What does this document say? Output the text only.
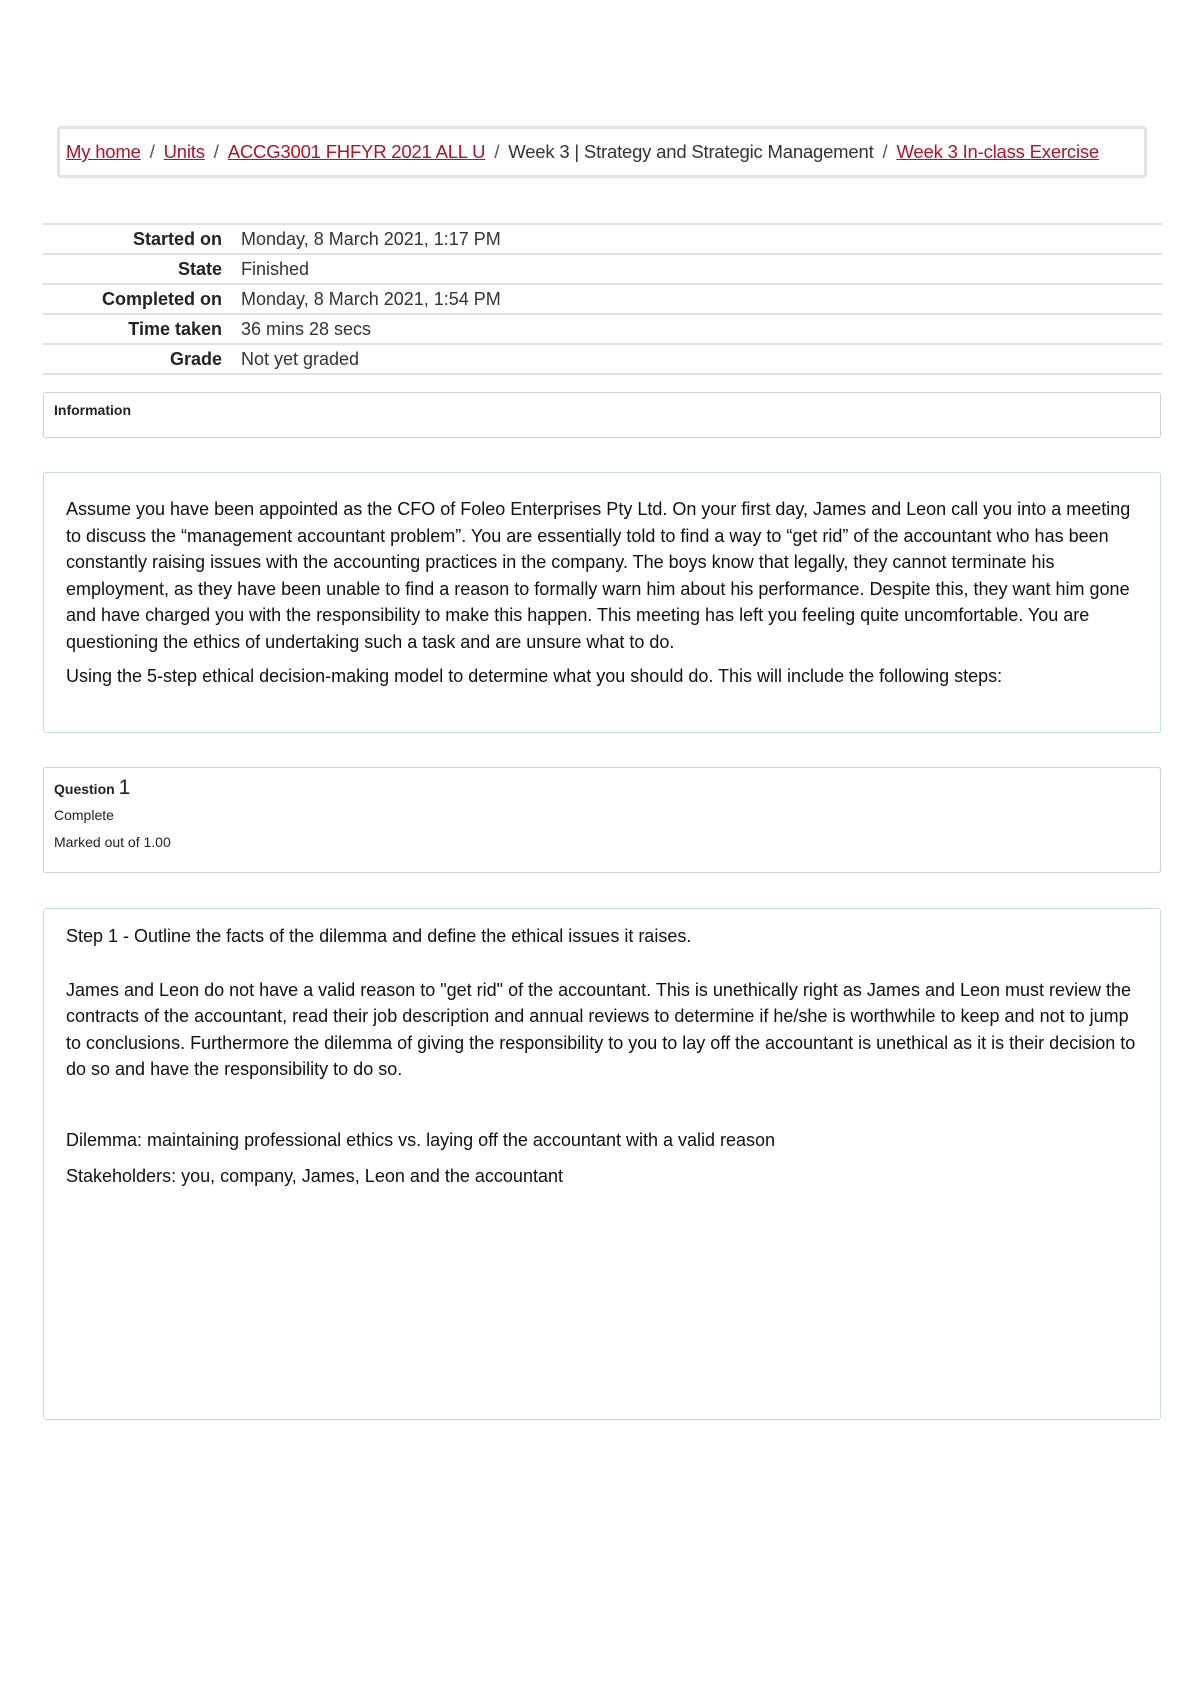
My home / Units / ACCG3001 FHFYR 2021 ALL U / Week 3 | Strategy and Strategic Management / Week 3 In-class Exercise
Started on	Monday, 8 March 2021, 1:17 PM
State	Finished
Completed on	Monday, 8 March 2021, 1:54 PM
Time taken	36 mins 28 secs
Grade	Not yet graded
Information

Assume you have been appointed as the CFO of Foleo Enterprises Pty Ltd. On your first day, James and Leon call you into a meeting to discuss the “management accountant problem”. You are essentially told to find a way to “get rid” of the accountant who has been constantly raising issues with the accounting practices in the company. The boys know that legally, they cannot terminate his employment, as they have been unable to find a reason to formally warn him about his performance. Despite this, they want him gone and have charged you with the responsibility to make this happen. This meeting has left you feeling quite uncomfortable. You are questioning the ethics of undertaking such a task and are unsure what to do.

Using the 5-step ethical decision-making model to determine what you should do. This will include the following steps:

Question 1
Complete
Marked out of 1.00

Step 1 - Outline the facts of the dilemma and define the ethical issues it raises.

James and Leon do not have a valid reason to "get rid" of the accountant. This is unethically right as James and Leon must review the contracts of the accountant, read their job description and annual reviews to determine if he/she is worthwhile to keep and not to jump to conclusions. Furthermore the dilemma of giving the responsibility to you to lay off the accountant is unethical as it is their decision to do so and have the responsibility to do so.

Dilemma: maintaining professional ethics vs. laying off the accountant with a valid reason

Stakeholders: you, company, James, Leon and the accountant
